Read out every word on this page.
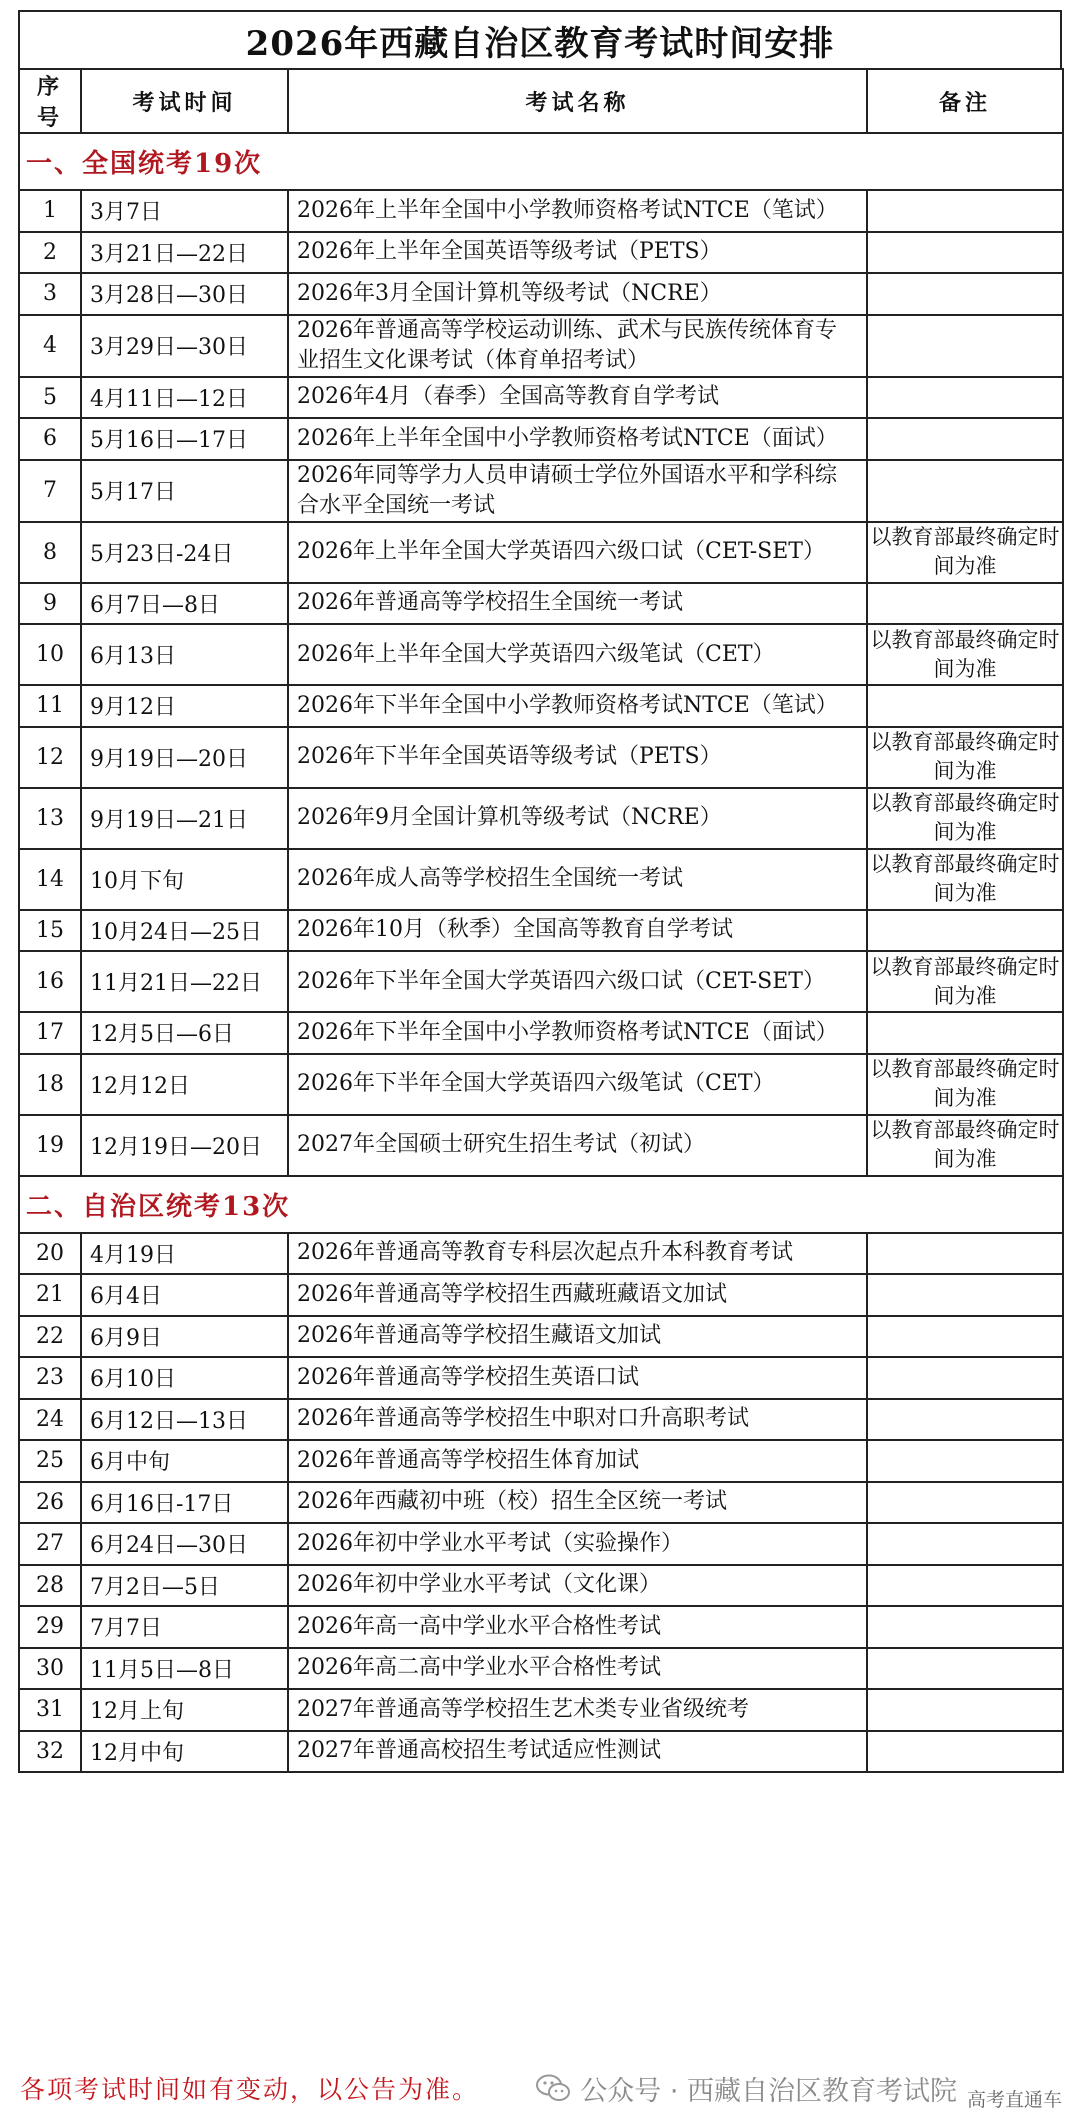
2026年西藏自治区教育考试时间安排
序号	考试时间	考试名称	备注
一、全国统考19次			
1	3月7日	2026年上半年全国中小学教师资格考试NTCE（笔试）	
2	3月21日—22日	2026年上半年全国英语等级考试（PETS）	
3	3月28日—30日	2026年3月全国计算机等级考试（NCRE）	
4	3月29日—30日	2026年普通高等学校运动训练、武术与民族传统体育专业招生文化课考试（体育单招考试）	
5	4月11日—12日	2026年4月（春季）全国高等教育自学考试	
6	5月16日—17日	2026年上半年全国中小学教师资格考试NTCE（面试）	
7	5月17日	2026年同等学力人员申请硕士学位外国语水平和学科综合水平全国统一考试	
8	5月23日-24日	2026年上半年全国大学英语四六级口试（CET-SET）	以教育部最终确定时间为准
9	6月7日—8日	2026年普通高等学校招生全国统一考试	
10	6月13日	2026年上半年全国大学英语四六级笔试（CET）	以教育部最终确定时间为准
11	9月12日	2026年下半年全国中小学教师资格考试NTCE（笔试）	
12	9月19日—20日	2026年下半年全国英语等级考试（PETS）	以教育部最终确定时间为准
13	9月19日—21日	2026年9月全国计算机等级考试（NCRE）	以教育部最终确定时间为准
14	10月下旬	2026年成人高等学校招生全国统一考试	以教育部最终确定时间为准
15	10月24日—25日	2026年10月（秋季）全国高等教育自学考试	
16	11月21日—22日	2026年下半年全国大学英语四六级口试（CET-SET）	以教育部最终确定时间为准
17	12月5日—6日	2026年下半年全国中小学教师资格考试NTCE（面试）	
18	12月12日	2026年下半年全国大学英语四六级笔试（CET）	以教育部最终确定时间为准
19	12月19日—20日	2027年全国硕士研究生招生考试（初试）	以教育部最终确定时间为准
二、自治区统考13次			
20	4月19日	2026年普通高等教育专科层次起点升本科教育考试	
21	6月4日	2026年普通高等学校招生西藏班藏语文加试	
22	6月9日	2026年普通高等学校招生藏语文加试	
23	6月10日	2026年普通高等学校招生英语口试	
24	6月12日—13日	2026年普通高等学校招生中职对口升高职考试	
25	6月中旬	2026年普通高等学校招生体育加试	
26	6月16日-17日	2026年西藏初中班（校）招生全区统一考试	
27	6月24日—30日	2026年初中学业水平考试（实验操作）	
28	7月2日—5日	2026年初中学业水平考试（文化课）	
29	7月7日	2026年高一高中学业水平合格性考试	
30	11月5日—8日	2026年高二高中学业水平合格性考试	
31	12月上旬	2027年普通高等学校招生艺术类专业省级统考	
32	12月中旬	2027年普通高校招生考试适应性测试	
各项考试时间如有变动，以公告为准。	公众号 · 西藏自治区教育考试院 高考直通车
